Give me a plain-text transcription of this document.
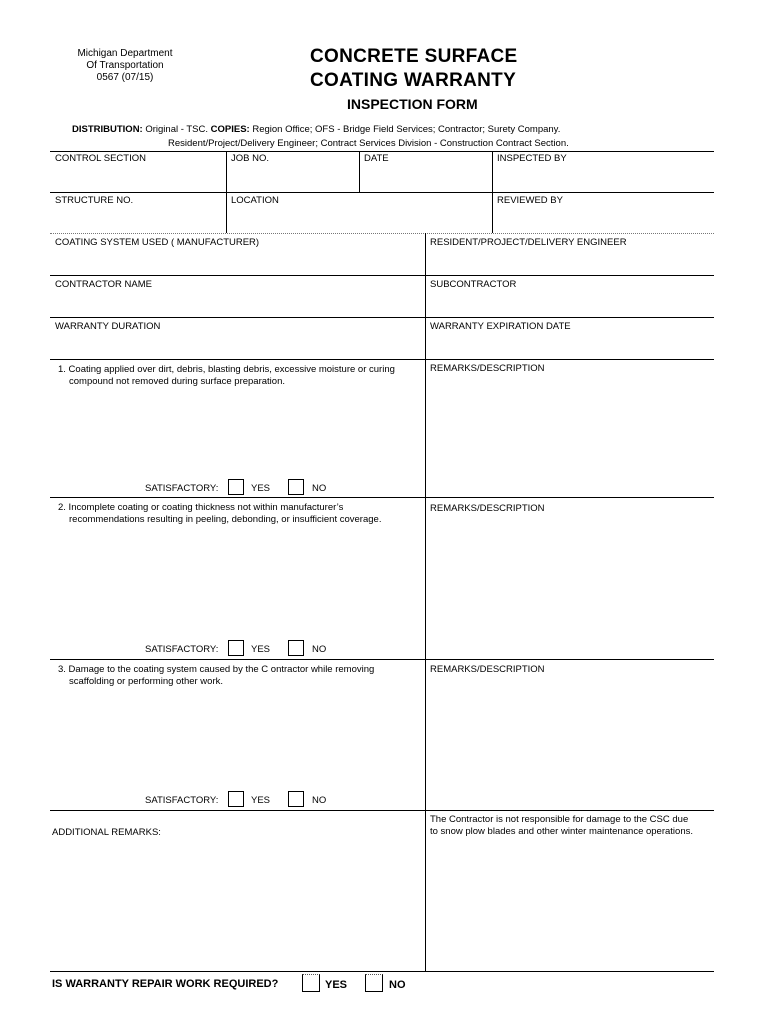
Michigan Department
Of Transportation
0567 (07/15)
CONCRETE SURFACE
COATING WARRANTY
INSPECTION FORM
DISTRIBUTION: Original - TSC. COPIES: Region Office; OFS - Bridge Field Services; Contractor; Surety Company.
Resident/Project/Delivery Engineer; Contract Services Division - Construction Contract Section.
CONTROL SECTION	JOB NO.	DATE	INSPECTED BY
STRUCTURE NO.	LOCATION	REVIEWED BY
COATING SYSTEM USED ( MANUFACTURER)	RESIDENT/PROJECT/DELIVERY ENGINEER
CONTRACTOR NAME	SUBCONTRACTOR
WARRANTY DURATION	WARRANTY EXPIRATION DATE
1. Coating applied over dirt, debris, blasting debris, excessive moisture or curing
compound not removed during surface preparation.
REMARKS/DESCRIPTION
SATISFACTORY:	YES	NO
2. Incomplete coating or coating thickness not within manufacturer’s
recommendations resulting in peeling, debonding, or insufficient coverage.
REMARKS/DESCRIPTION
SATISFACTORY:	YES	NO
3. Damage to the coating system caused by the C ontractor while removing
scaffolding or performing other work.
REMARKS/DESCRIPTION
SATISFACTORY:	YES	NO
ADDITIONAL REMARKS:
The Contractor is not responsible for damage to the CSC due
to snow plow blades and other winter maintenance operations.
IS WARRANTY REPAIR WORK REQUIRED?	YES	NO
